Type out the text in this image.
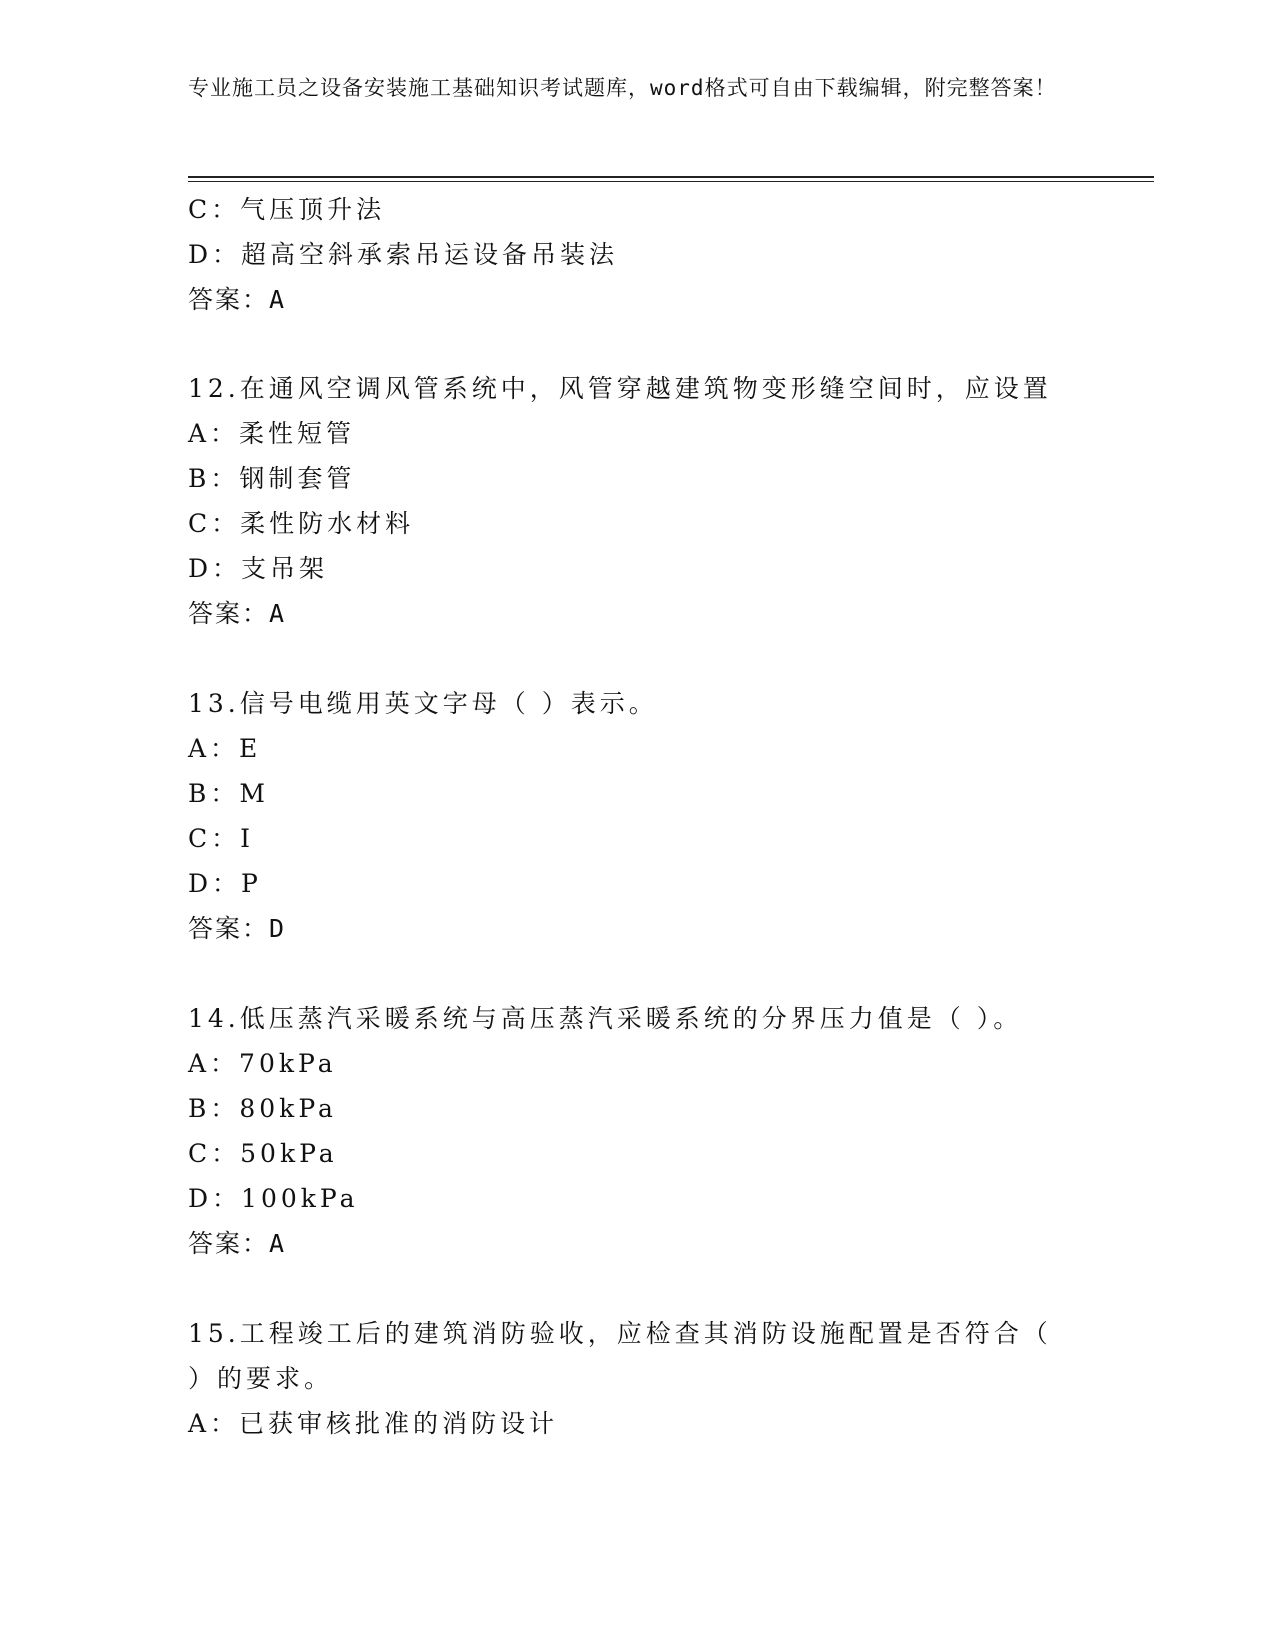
专业施工员之设备安装施工基础知识考试题库，word格式可自由下载编辑，附完整答案！
C：气压顶升法
D：超高空斜承索吊运设备吊装法
答案：A
12.在通风空调风管系统中，风管穿越建筑物变形缝空间时，应设置
A：柔性短管
B：钢制套管
C：柔性防水材料
D：支吊架
答案：A
13.信号电缆用英文字母（ ）表示。
A：E
B：M
C：I
D：P
答案：D
14.低压蒸汽采暖系统与高压蒸汽采暖系统的分界压力值是（ ）。
A：70kPa
B：80kPa
C：50kPa
D：100kPa
答案：A
15.工程竣工后的建筑消防验收，应检查其消防设施配置是否符合（
）的要求。
A：已获审核批准的消防设计
